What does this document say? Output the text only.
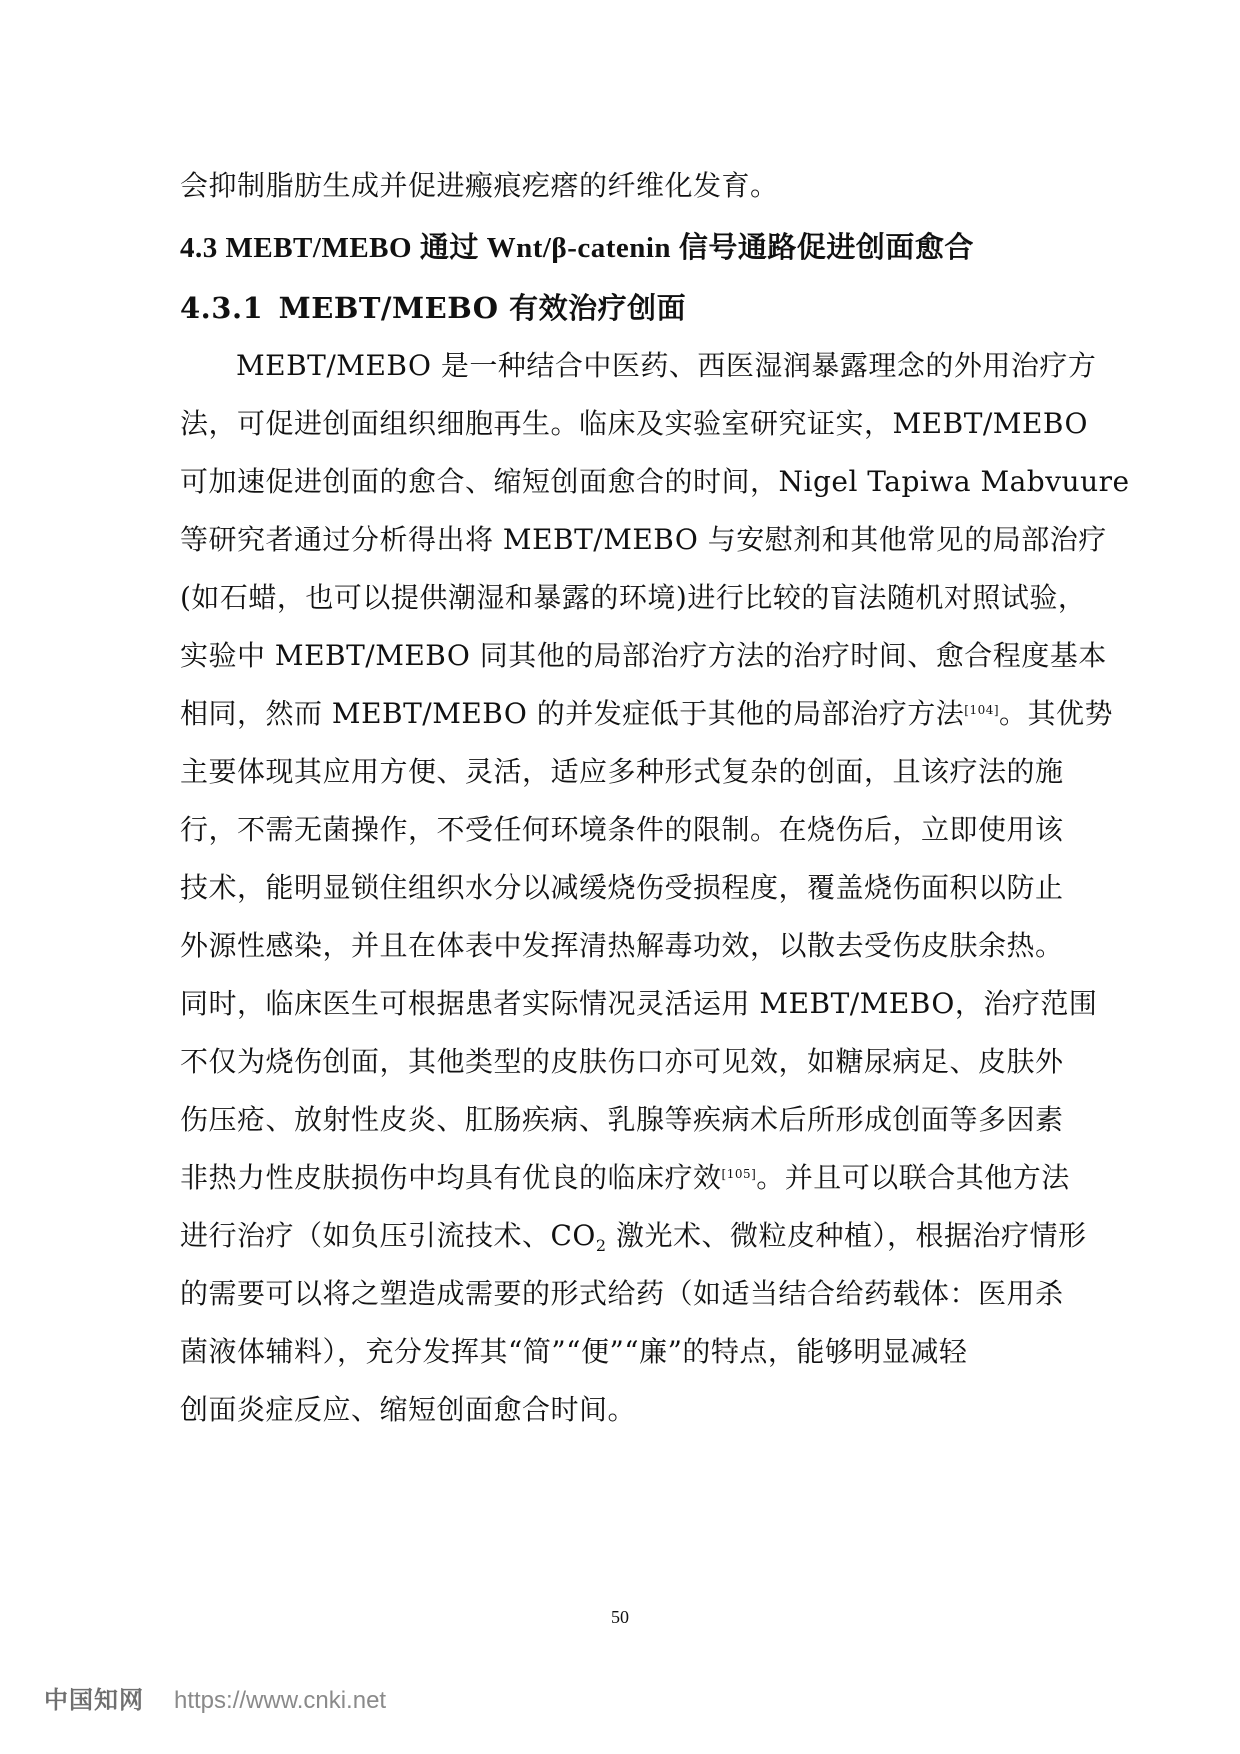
会抑制脂肪生成并促进瘢痕疙瘩的纤维化发育。
4.3 MEBT/MEBO 通过 Wnt/β-catenin 信号通路促进创面愈合
4.3.1 MEBT/MEBO 有效治疗创面
MEBT/MEBO 是一种结合中医药、西医湿润暴露理念的外用治疗方
法，可促进创面组织细胞再生。临床及实验室研究证实，MEBT/MEBO
可加速促进创面的愈合、缩短创面愈合的时间，Nigel Tapiwa Mabvuure
等研究者通过分析得出将 MEBT/MEBO 与安慰剂和其他常见的局部治疗
(如石蜡，也可以提供潮湿和暴露的环境)进行比较的盲法随机对照试验，
实验中 MEBT/MEBO 同其他的局部治疗方法的治疗时间、愈合程度基本
相同，然而 MEBT/MEBO 的并发症低于其他的局部治疗方法[104]。其优势
主要体现其应用方便、灵活，适应多种形式复杂的创面，且该疗法的施
行，不需无菌操作，不受任何环境条件的限制。在烧伤后，立即使用该
技术，能明显锁住组织水分以减缓烧伤受损程度，覆盖烧伤面积以防止
外源性感染，并且在体表中发挥清热解毒功效，以散去受伤皮肤余热。
同时，临床医生可根据患者实际情况灵活运用 MEBT/MEBO，治疗范围
不仅为烧伤创面，其他类型的皮肤伤口亦可见效，如糖尿病足、皮肤外
伤压疮、放射性皮炎、肛肠疾病、乳腺等疾病术后所形成创面等多因素
非热力性皮肤损伤中均具有优良的临床疗效[105]。并且可以联合其他方法
进行治疗（如负压引流技术、$CO_2$ 激光术、微粒皮种植），根据治疗情形
的需要可以将之塑造成需要的形式给药（如适当结合给药载体：医用杀
菌液体辅料），充分发挥其“简”“便”“廉”的特点，能够明显减轻
创面炎症反应、缩短创面愈合时间。
50
中国知网 https://www.cnki.net
